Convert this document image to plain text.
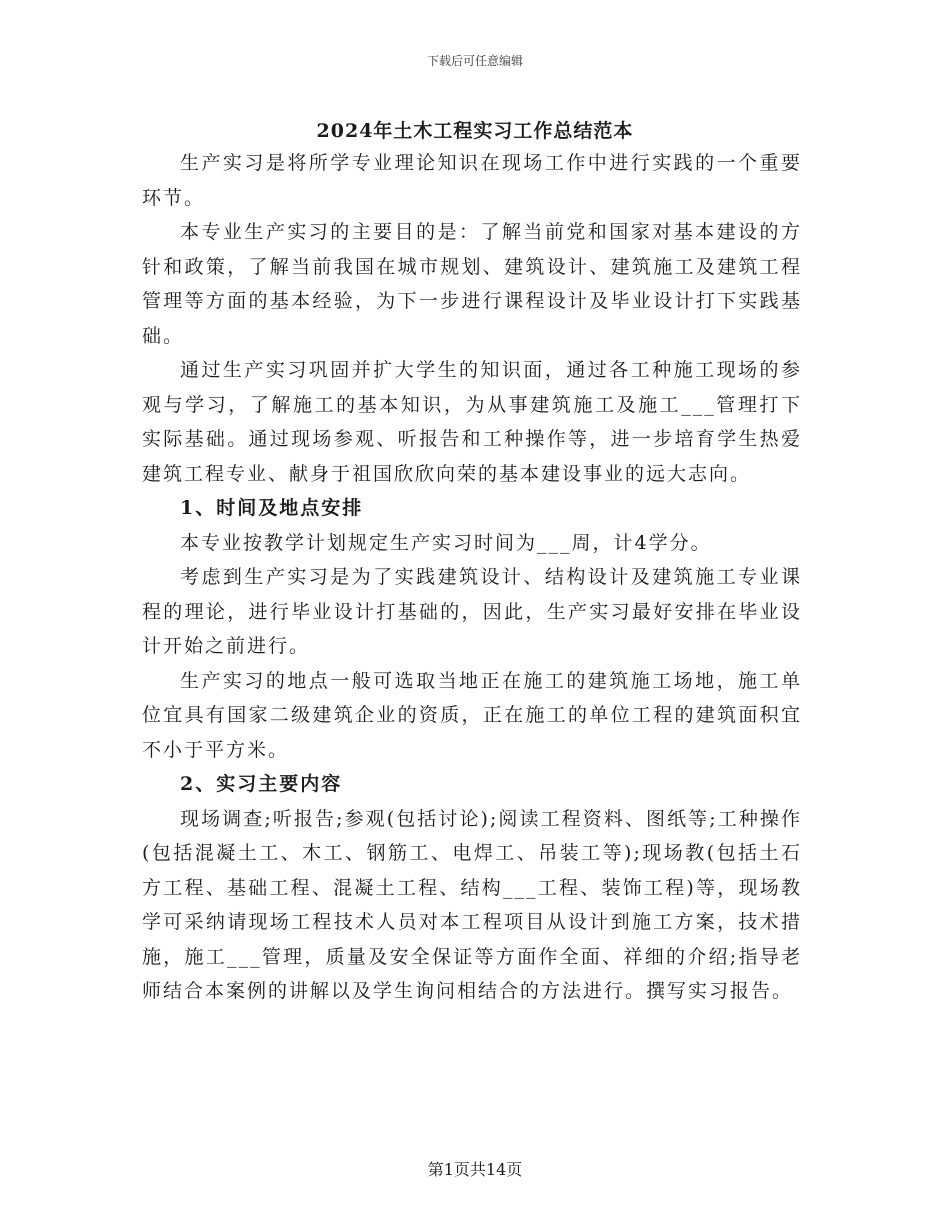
下载后可任意编辑
2024年土木工程实习工作总结范本

生产实习是将所学专业理论知识在现场工作中进行实践的一个重要环节。

本专业生产实习的主要目的是：了解当前党和国家对基本建设的方针和政策，了解当前我国在城市规划、建筑设计、建筑施工及建筑工程管理等方面的基本经验，为下一步进行课程设计及毕业设计打下实践基础。

通过生产实习巩固并扩大学生的知识面，通过各工种施工现场的参观与学习，了解施工的基本知识，为从事建筑施工及施工___管理打下实际基础。通过现场参观、听报告和工种操作等，进一步培育学生热爱建筑工程专业、献身于祖国欣欣向荣的基本建设事业的远大志向。

1、时间及地点安排

本专业按教学计划规定生产实习时间为___周，计4学分。

考虑到生产实习是为了实践建筑设计、结构设计及建筑施工专业课程的理论，进行毕业设计打基础的，因此，生产实习最好安排在毕业设计开始之前进行。

生产实习的地点一般可选取当地正在施工的建筑施工场地，施工单位宜具有国家二级建筑企业的资质，正在施工的单位工程的建筑面积宜不小于平方米。

2、实习主要内容

现场调查;听报告;参观(包括讨论);阅读工程资料、图纸等;工种操作(包括混凝土工、木工、钢筋工、电焊工、吊装工等);现场教(包括土石方工程、基础工程、混凝土工程、结构___工程、装饰工程)等，现场教学可采纳请现场工程技术人员对本工程项目从设计到施工方案，技术措施，施工___管理，质量及安全保证等方面作全面、祥细的介绍;指导老师结合本案例的讲解以及学生询问相结合的方法进行。撰写实习报告。

第1页共14页
